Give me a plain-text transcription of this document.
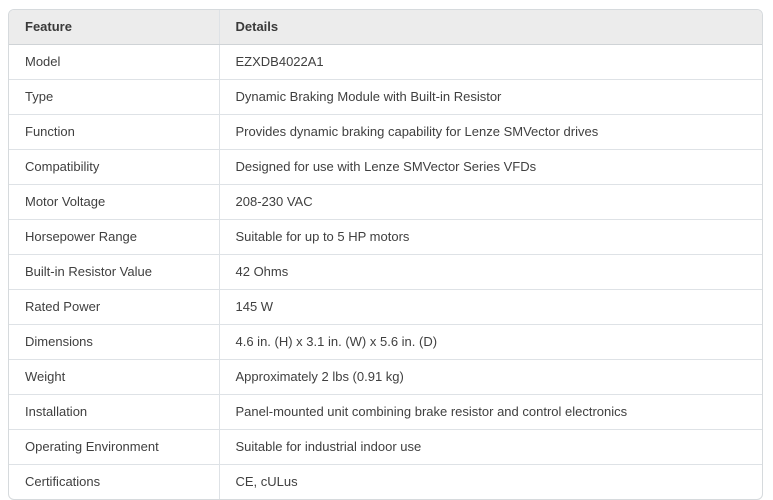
Feature	Details
Model	EZXDB4022A1
Type	Dynamic Braking Module with Built-in Resistor
Function	Provides dynamic braking capability for Lenze SMVector drives
Compatibility	Designed for use with Lenze SMVector Series VFDs
Motor Voltage	208-230 VAC
Horsepower Range	Suitable for up to 5 HP motors
Built-in Resistor Value	42 Ohms
Rated Power	145 W
Dimensions	4.6 in. (H) x 3.1 in. (W) x 5.6 in. (D)
Weight	Approximately 2 lbs (0.91 kg)
Installation	Panel-mounted unit combining brake resistor and control electronics
Operating Environment	Suitable for industrial indoor use
Certifications	CE, cULus
